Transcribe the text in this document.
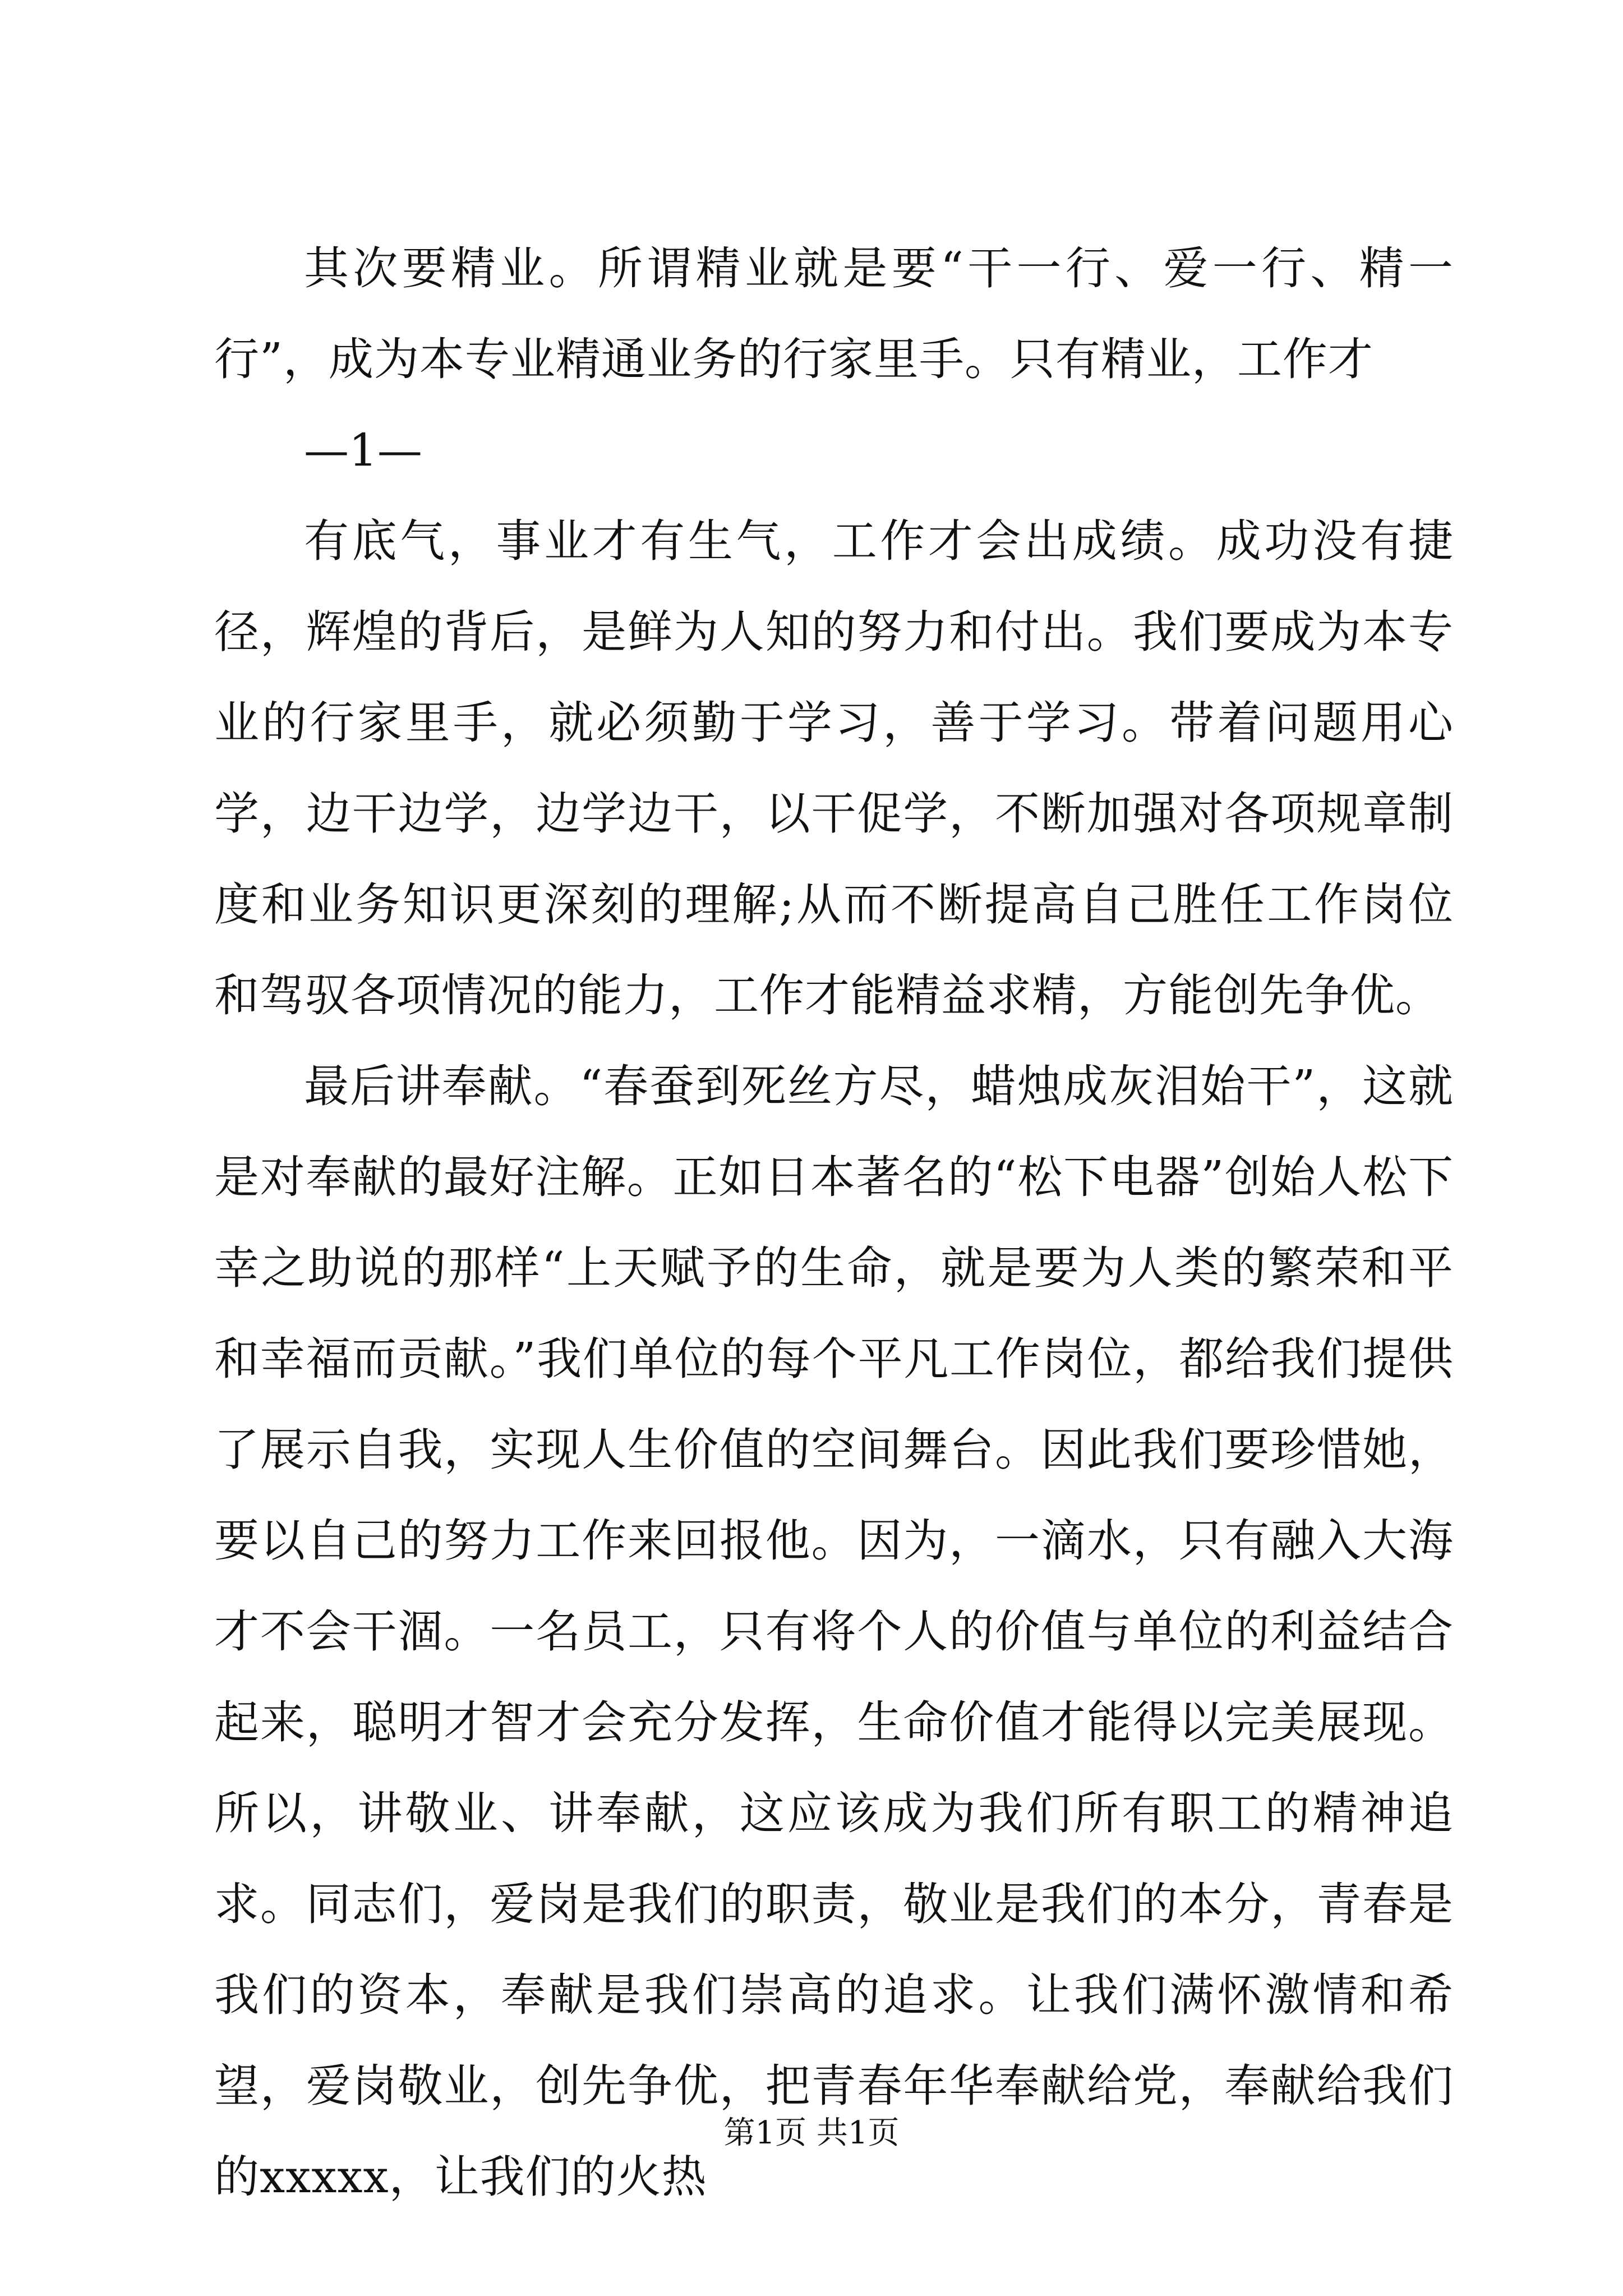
其次要精业。所谓精业就是要“干一行、爱一行、精一行”，成为本专业精通业务的行家里手。只有精业，工作才

—1—

有底气，事业才有生气，工作才会出成绩。成功没有捷径，辉煌的背后，是鲜为人知的努力和付出。我们要成为本专业的行家里手，就必须勤于学习，善于学习。带着问题用心学，边干边学，边学边干，以干促学，不断加强对各项规章制度和业务知识更深刻的理解;从而不断提高自己胜任工作岗位和驾驭各项情况的能力，工作才能精益求精，方能创先争优。

最后讲奉献。“春蚕到死丝方尽，蜡烛成灰泪始干”，这就是对奉献的最好注解。正如日本著名的“松下电器”创始人松下幸之助说的那样“上天赋予的生命，就是要为人类的繁荣和平和幸福而贡献。”我们单位的每个平凡工作岗位，都给我们提供了展示自我，实现人生价值的空间舞台。因此我们要珍惜她，要以自己的努力工作来回报他。因为，一滴水，只有融入大海才不会干涸。一名员工，只有将个人的价值与单位的利益结合起来，聪明才智才会充分发挥，生命价值才能得以完美展现。所以，讲敬业、讲奉献，这应该成为我们所有职工的精神追求。同志们，爱岗是我们的职责，敬业是我们的本分，青春是我们的资本，奉献是我们崇高的追求。让我们满怀激情和希望，爱岗敬业，创先争优，把青春年华奉献给党，奉献给我们的xxxxx，让我们的火热

第1页 共1页
